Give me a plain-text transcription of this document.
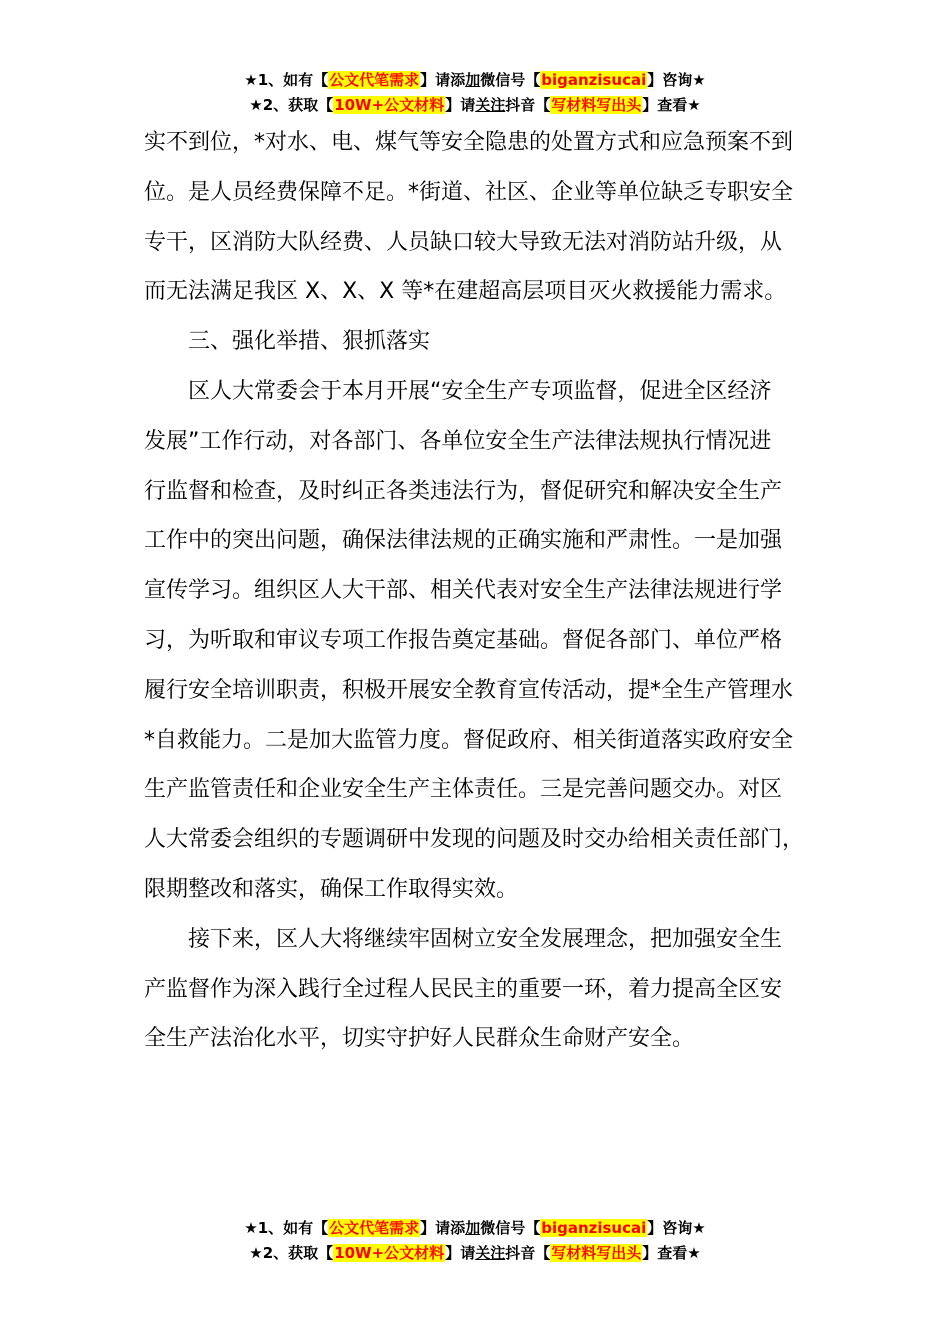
★1、如有【公文代笔需求】请添加微信号【biganzisucai】咨询★
★2、获取【10W+公文材料】请关注抖音【写材料写出头】查看★

实不到位，*对水、电、煤气等安全隐患的处置方式和应急预案不到

位。是人员经费保障不足。*街道、社区、企业等单位缺乏专职安全

专干，区消防大队经费、人员缺口较大导致无法对消防站升级，从

而无法满足我区 X、X、X 等*在建超高层项目灭火救援能力需求。

三、强化举措、狠抓落实

区人大常委会于本月开展“安全生产专项监督，促进全区经济

发展”工作行动，对各部门、各单位安全生产法律法规执行情况进

行监督和检查，及时纠正各类违法行为，督促研究和解决安全生产

工作中的突出问题，确保法律法规的正确实施和严肃性。一是加强

宣传学习。组织区人大干部、相关代表对安全生产法律法规进行学

习，为听取和审议专项工作报告奠定基础。督促各部门、单位严格

履行安全培训职责，积极开展安全教育宣传活动，提*全生产管理水

*自救能力。二是加大监管力度。督促政府、相关街道落实政府安全

生产监管责任和企业安全生产主体责任。三是完善问题交办。对区

人大常委会组织的专题调研中发现的问题及时交办给相关责任部门，

限期整改和落实，确保工作取得实效。

接下来，区人大将继续牢固树立安全发展理念，把加强安全生

产监督作为深入践行全过程人民民主的重要一环，着力提高全区安

全生产法治化水平，切实守护好人民群众生命财产安全。

★1、如有【公文代笔需求】请添加微信号【biganzisucai】咨询★
★2、获取【10W+公文材料】请关注抖音【写材料写出头】查看★
